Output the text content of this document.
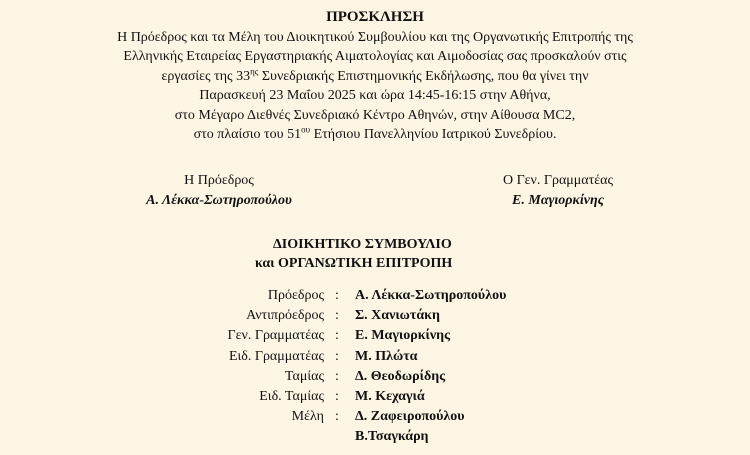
ΠΡΟΣΚΛΗΣΗ
Η Πρόεδρος και τα Μέλη του Διοικητικού Συμβουλίου και της Οργανωτικής Επιτροπής της
Ελληνικής Εταιρείας Εργαστηριακής Αιματολογίας και Αιμοδοσίας σας προσκαλούν στις
εργασίες της $33^{\eta\varsigma}$ Συνεδριακής Επιστημονικής Εκδήλωσης, που θα γίνει την
Παρασκευή 23 Μαΐου 2025 και ώρα 14:45-16:15 στην Αθήνα,
στο Μέγαρο Διεθνές Συνεδριακό Κέντρο Αθηνών, στην Αίθουσα MC2,
στο πλαίσιο του $51^{o\upsilon}$ Ετήσιου Πανελληνίου Ιατρικού Συνεδρίου.
Η Πρόεδρος
Α. Λέκκα-Σωτηροπούλου
Ο Γεν. Γραμματέας
Ε. Μαγιορκίνης
ΔΙΟΙΚΗΤΙΚΟ ΣΥΜΒΟΥΛΙΟ
και ΟΡΓΑΝΩΤΙΚΗ ΕΠΙΤΡΟΠΗ
Πρόεδρος : Α. Λέκκα-Σωτηροπούλου
Αντιπρόεδρος : Σ. Χανιωτάκη
Γεν. Γραμματέας : Ε. Μαγιορκίνης
Ειδ. Γραμματέας : Μ. Πλώτα
Ταμίας : Δ. Θεοδωρίδης
Ειδ. Ταμίας : Μ. Κεχαγιά
Μέλη : Δ. Ζαφειροπούλου
Β.Τσαγκάρη
